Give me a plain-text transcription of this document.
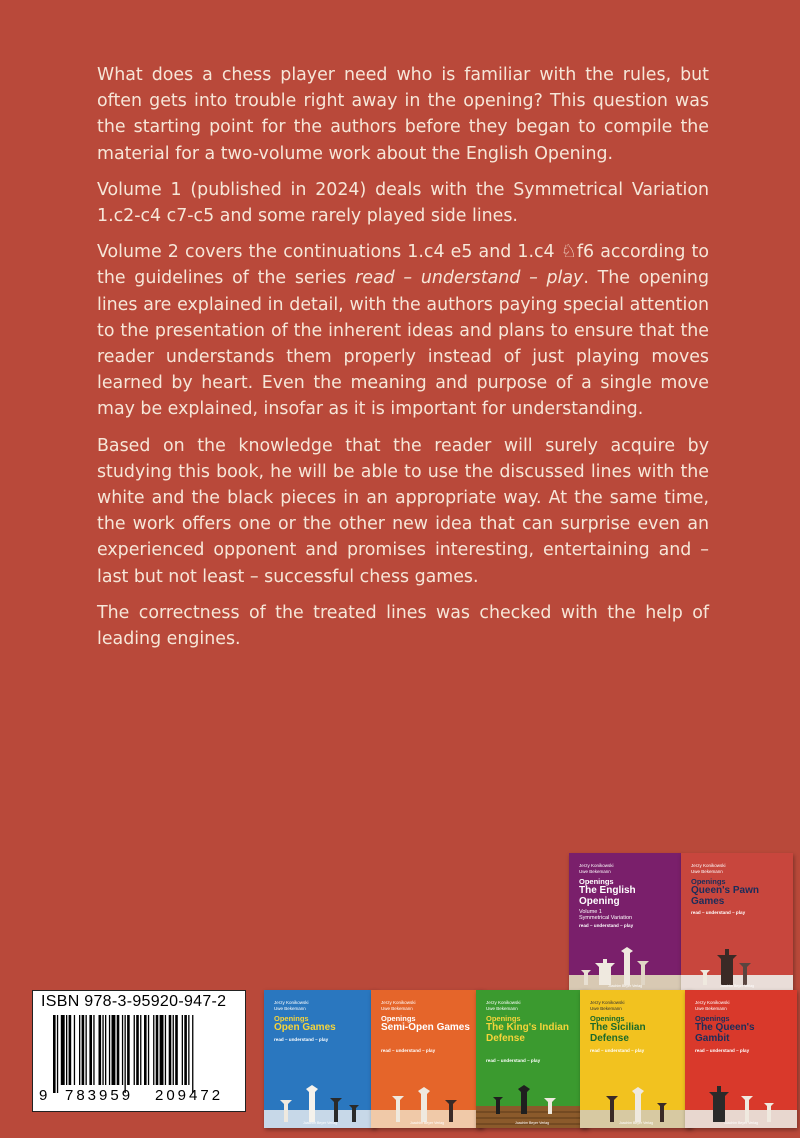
What does a chess player need who is familiar with the rules, but often gets into trouble right away in the opening? This question was the starting point for the authors before they began to compile the material for a two-volume work about the English Opening.

Volume 1 (published in 2024) deals with the Symmetrical Variation 1.c2-c4 c7-c5 and some rarely played side lines.

Volume 2 covers the continuations 1.c4 e5 and 1.c4 ♘f6 according to the guidelines of the series read – understand – play. The opening lines are explained in detail, with the authors paying special attention to the presentation of the inherent ideas and plans to ensure that the reader understands them properly instead of just playing moves learned by heart. Even the meaning and purpose of a single move may be explained, insofar as it is important for understanding.

Based on the knowledge that the reader will surely acquire by studying this book, he will be able to use the discussed lines with the white and the black pieces in an appropriate way. At the same time, the work offers one or the other new idea that can surprise even an experienced opponent and promises interesting, entertaining and – last but not least – successful chess games.

The correctness of the treated lines was checked with the help of leading engines.

Jerzy Konikowski
Uwe Bekemann
Openings
The English Opening
Volume 1
Symmetrical Variation
read – understand – play
Joachim Beyer Verlag
Jerzy Konikowski
Uwe Bekemann
Openings
Queen's Pawn Games
read – understand – play
Joachim Beyer Verlag
Jerzy Konikowski
Uwe Bekemann
Openings
Open Games
read – understand – play
Joachim Beyer Verlag
Jerzy Konikowski
Uwe Bekemann
Openings
Semi-Open Games
read – understand – play
Joachim Beyer Verlag
Jerzy Konikowski
Uwe Bekemann
Openings
The King's Indian Defense
read – understand – play
Joachim Beyer Verlag
Jerzy Konikowski
Uwe Bekemann
Openings
The Sicilian Defense
read – understand – play
Joachim Beyer Verlag
Jerzy Konikowski
Uwe Bekemann
Openings
The Queen's Gambit
read – understand – play
Joachim Beyer Verlag
ISBN 978-3-95920-947-2
9 783959 209472
